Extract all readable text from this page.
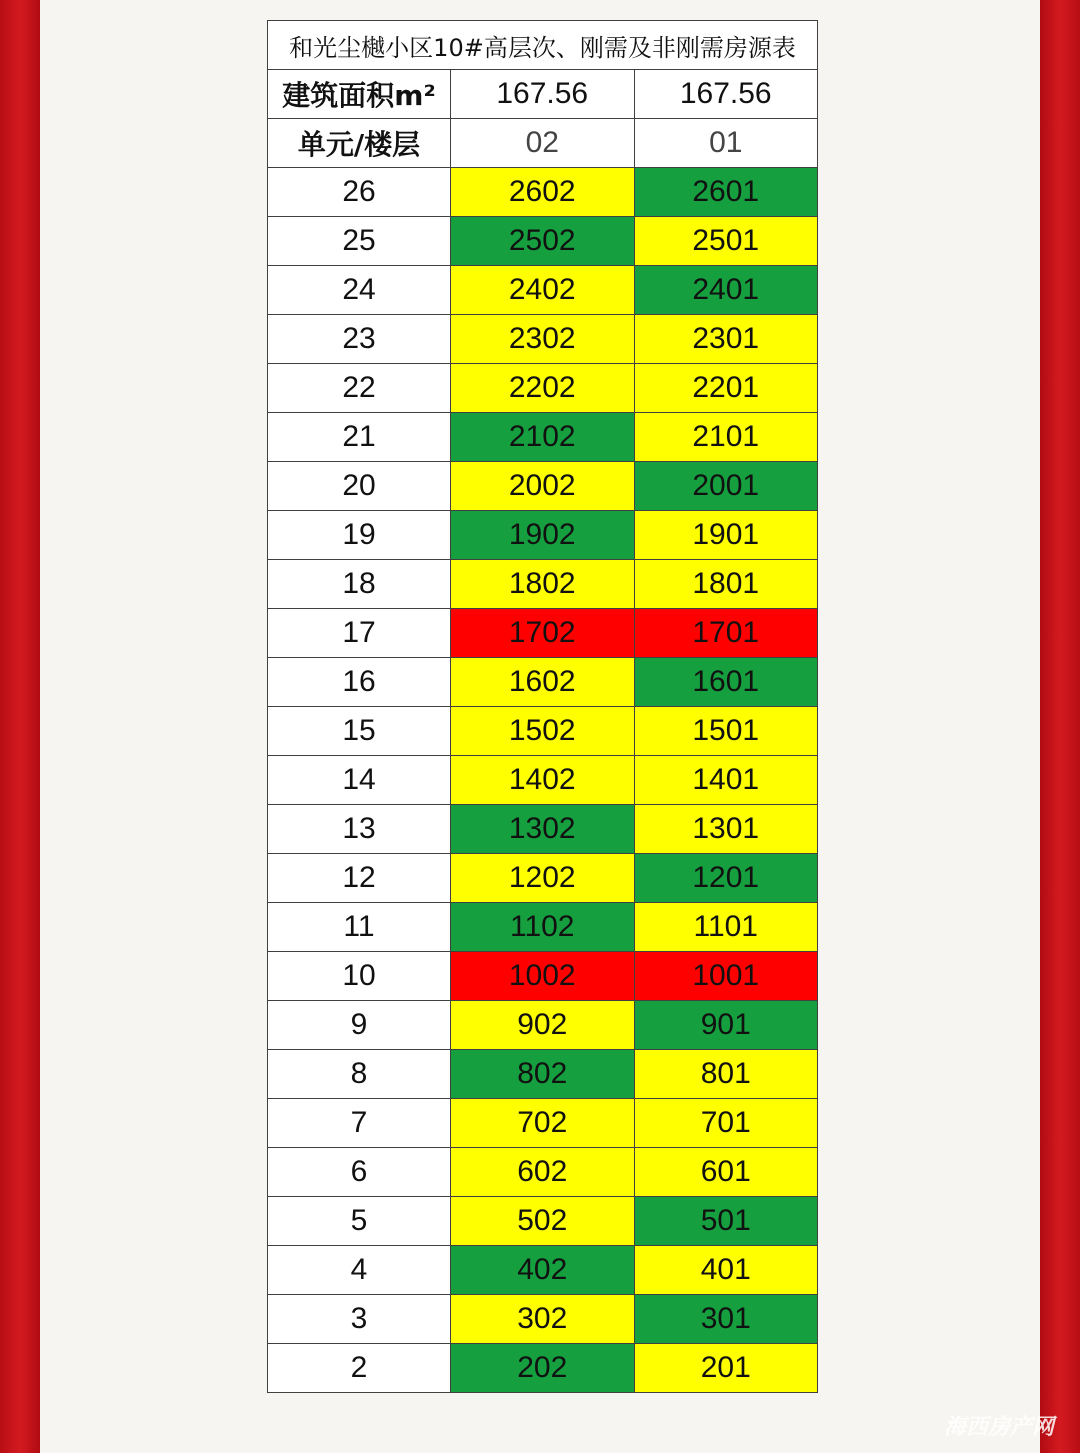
和光尘樾小区10#高层次、刚需及非刚需房源表		
建筑面积m²	167.56	167.56
单元/楼层	02	01
26	2602	2601
25	2502	2501
24	2402	2401
23	2302	2301
22	2202	2201
21	2102	2101
20	2002	2001
19	1902	1901
18	1802	1801
17	1702	1701
16	1602	1601
15	1502	1501
14	1402	1401
13	1302	1301
12	1202	1201
11	1102	1101
10	1002	1001
9	902	901
8	802	801
7	702	701
6	602	601
5	502	501
4	402	401
3	302	301
2	202	201
海西房产网
